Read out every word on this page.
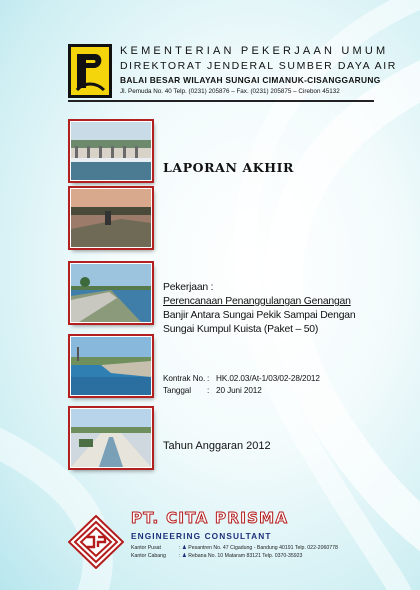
KEMENTERIAN PEKERJAAN UMUM
DIREKTORAT JENDERAL SUMBER DAYA AIR
BALAI BESAR WILAYAH SUNGAI CIMANUK-CISANGGARUNG
Jl. Pemuda No. 40 Telp. (0231) 205876 – Fax. (0231) 205875 – Cirebon 45132
LAPORAN AKHIR
Pekerjaan :
Perencanaan Penanggulangan Genangan
Banjir Antara Sungai Pekik Sampai Dengan
Sungai Kumpul Kuista (Paket – 50)
Kontrak No. : HK.02.03/At-1/03/02-28/2012
Tanggal : 20 Juni 2012
Tahun Anggaran 2012
PT. CITA PRISMA
ENGINEERING CONSULTANT
Kantor Pusat	: ♟ Pesantren No. 47 Cigadung - Bandung 40191 Telp. 022-2060778
Kantor Cabang	: ♟ Rebana No. 10 Mataram 83121 Telp. 0370-35923
